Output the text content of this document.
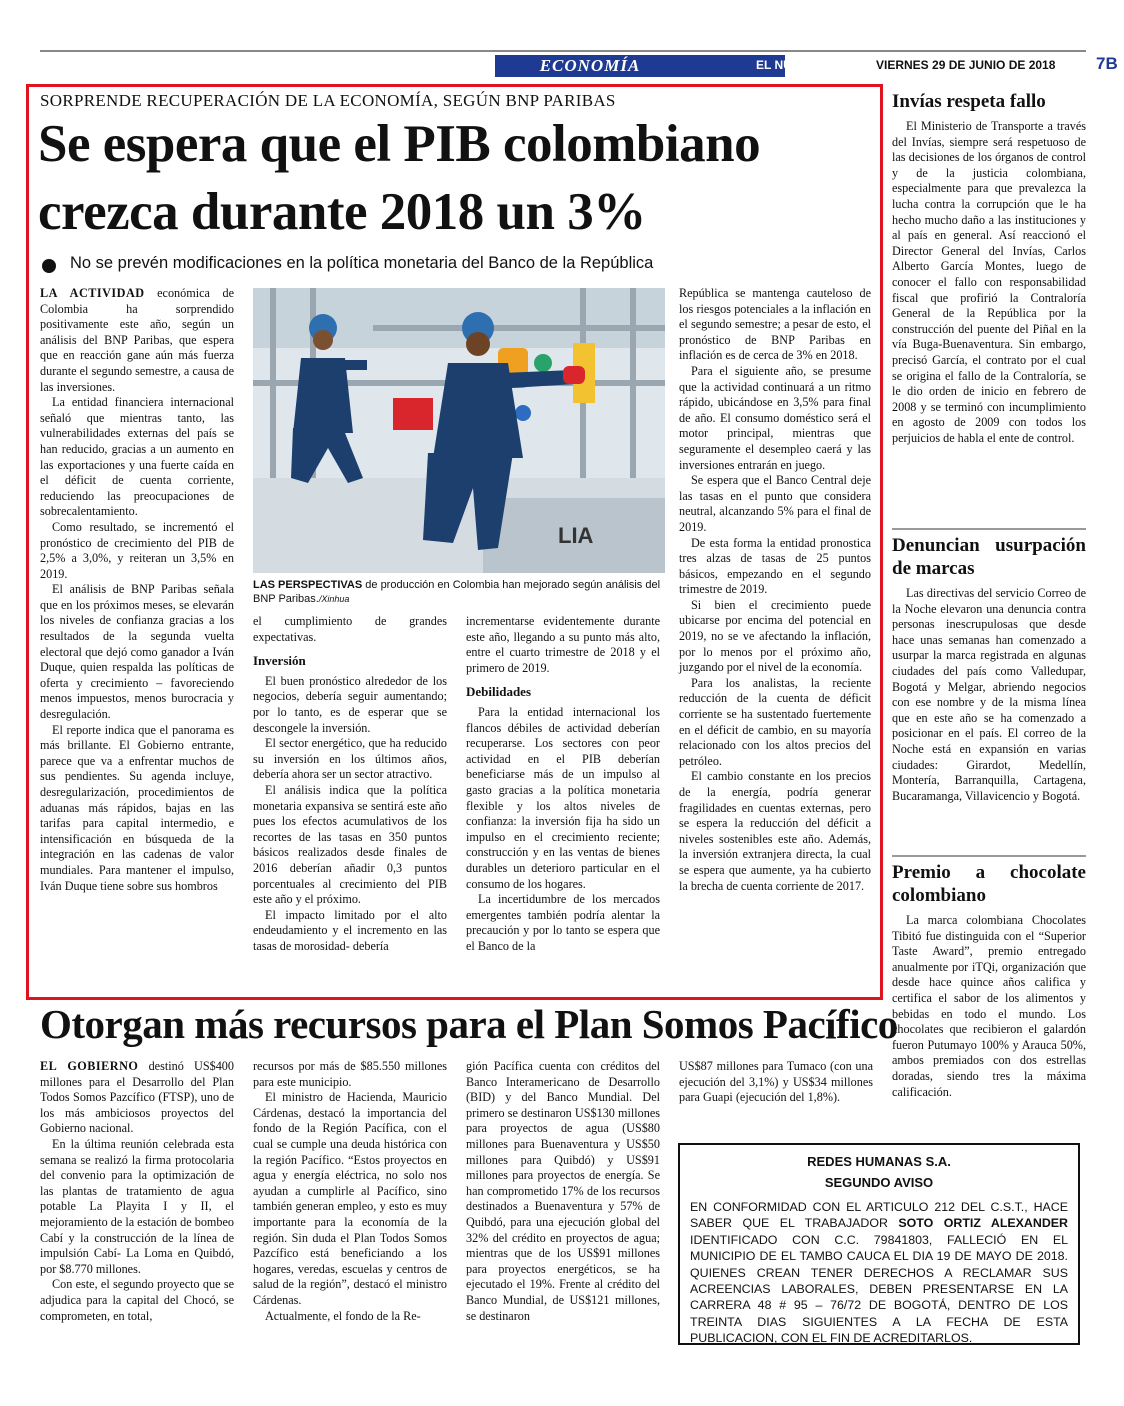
ECONOMÍA	EL NUEVO SIGLO VIERNES 29 DE JUNIO DE 2018 7B
SORPRENDE RECUPERACIÓN DE LA ECONOMÍA, SEGÚN BNP PARIBAS
Se espera que el PIB colombiano
crezca durante 2018 un 3%
No se prevén modificaciones en la política monetaria del Banco de la República

LA ACTIVIDAD económica de Colombia ha sorprendido positivamente este año, según un análisis del BNP Paribas, que espera que en reacción gane aún más fuerza durante el segundo semestre, a causa de las inversiones.

La entidad financiera internacional señaló que mientras tanto, las vulnerabilidades externas del país se han reducido, gracias a un aumento en las exportaciones y una fuerte caída en el déficit de cuenta corriente, reduciendo las preocupaciones de sobrecalentamiento.

Como resultado, se incrementó el pronóstico de crecimiento del PIB de 2,5% a 3,0%, y reiteran un 3,5% en 2019.

El análisis de BNP Paribas señala que en los próximos meses, se elevarán los niveles de confianza gracias a los resultados de la segunda vuelta electoral que dejó como ganador a Iván Duque, quien respalda las políticas de oferta y crecimiento – favoreciendo menos impuestos, menos burocracia y desregulación.

El reporte indica que el panorama es más brillante. El Gobierno entrante, parece que va a enfrentar muchos de sus pendientes. Su agenda incluye, desregularización, procedimientos de aduanas más rápidos, bajas en las tarifas para capital intermedio, e intensificación en búsqueda de la integración en las cadenas de valor mundiales. Para mantener el impulso, Iván Duque tiene sobre sus hombros

LIA
LAS PERSPECTIVAS de producción en Colombia han mejorado según análisis del BNP Paribas./Xinhua

el cumplimiento de grandes expectativas.

Inversión

El buen pronóstico alrededor de los negocios, debería seguir aumentando; por lo tanto, es de esperar que se descongele la inversión.

El sector energético, que ha reducido su inversión en los últimos años, debería ahora ser un sector atractivo.

El análisis indica que la política monetaria expansiva se sentirá este año pues los efectos acumulativos de los recortes de las tasas en 350 puntos básicos realizados desde finales de 2016 deberían añadir 0,3 puntos porcentuales al crecimiento del PIB este año y el próximo.

El impacto limitado por el alto endeudamiento y el incremento en las tasas de morosidad- debería

incrementarse evidentemente durante este año, llegando a su punto más alto, entre el cuarto trimestre de 2018 y el primero de 2019.

Debilidades

Para la entidad internacional los flancos débiles de actividad deberían recuperarse. Los sectores con peor actividad en el PIB deberían beneficiarse más de un impulso al gasto gracias a la política monetaria flexible y los altos niveles de confianza: la inversión fija ha sido un impulso en el crecimiento reciente; construcción y en las ventas de bienes durables un deterioro particular en el consumo de los hogares.

La incertidumbre de los mercados emergentes también podría alentar la precaución y por lo tanto se espera que el Banco de la

República se mantenga cauteloso de los riesgos potenciales a la inflación en el segundo semestre; a pesar de esto, el pronóstico de BNP Paribas en inflación es de cerca de 3% en 2018.

Para el siguiente año, se presume que la actividad continuará a un ritmo rápido, ubicándose en 3,5% para final de año. El consumo doméstico será el motor principal, mientras que seguramente el desempleo caerá y las inversiones entrarán en juego.

Se espera que el Banco Central deje las tasas en el punto que considera neutral, alcanzando 5% para el final de 2019.

De esta forma la entidad pronostica tres alzas de tasas de 25 puntos básicos, empezando en el segundo trimestre de 2019.

Si bien el crecimiento puede ubicarse por encima del potencial en 2019, no se ve afectando la inflación, por lo menos por el próximo año, juzgando por el nivel de la economía.

Para los analistas, la reciente reducción de la cuenta de déficit corriente se ha sustentado fuertemente en el déficit de cambio, en su mayoría relacionado con los altos precios del petróleo.

El cambio constante en los precios de la energía, podría generar fragilidades en cuentas externas, pero se espera la reducción del déficit a niveles sostenibles este año. Además, la inversión extranjera directa, la cual se espera que aumente, ya ha cubierto la brecha de cuenta corriente de 2017.

Invías respeta fallo

El Ministerio de Transporte a través del Invías, siempre será respetuoso de las decisiones de los órganos de control y de la justicia colombiana, especialmente para que prevalezca la lucha contra la corrupción que le ha hecho mucho daño a las instituciones y al país en general. Así reaccionó el Director General del Invías, Carlos Alberto García Montes, luego de conocer el fallo con responsabilidad fiscal que profirió la Contraloría General de la República por la construcción del puente del Piñal en la vía Buga-Buenaventura. Sin embargo, precisó García, el contrato por el cual se origina el fallo de la Contraloría, se le dio orden de inicio en febrero de 2008 y se terminó con incumplimiento en agosto de 2009 con todos los perjuicios de habla el ente de control.

Denuncian usurpación de marcas

Las directivas del servicio Correo de la Noche elevaron una denuncia contra personas inescrupulosas que desde hace unas semanas han comenzado a usurpar la marca registrada en algunas ciudades del país como Valledupar, Bogotá y Melgar, abriendo negocios con ese nombre y de la misma línea que en este año se ha comenzado a posicionar en el país. El correo de la Noche está en expansión en varias ciudades: Girardot, Medellín, Montería, Barranquilla, Cartagena, Bucaramanga, Villavicencio y Bogotá.

Premio a chocolate colombiano

La marca colombiana Chocolates Tibitó fue distinguida con el “Superior Taste Award”, premio entregado anualmente por iTQi, organización que desde hace quince años califica y certifica el sabor de los alimentos y bebidas en todo el mundo. Los chocolates que recibieron el galardón fueron Putumayo 100% y Arauca 50%, ambos premiados con dos estrellas doradas, siendo tres la máxima calificación.

Otorgan más recursos para el Plan Somos Pacífico

EL GOBIERNO destinó US$400 millones para el Desarrollo del Plan Todos Somos Pazcífico (FTSP), uno de los más ambiciosos proyectos del Gobierno nacional.

En la última reunión celebrada esta semana se realizó la firma protocolaria del convenio para la optimización de las plantas de tratamiento de agua potable La Playita I y II, el mejoramiento de la estación de bombeo Cabí y la construcción de la línea de impulsión Cabí- La Loma en Quibdó, por $8.770 millones.

Con este, el segundo proyecto que se adjudica para la capital del Chocó, se comprometen, en total,

recursos por más de $85.550 millones para este municipio.

El ministro de Hacienda, Mauricio Cárdenas, destacó la importancia del fondo de la Región Pacífica, con el cual se cumple una deuda histórica con la región Pacífico. “Estos proyectos en agua y energía eléctrica, no solo nos ayudan a cumplirle al Pacífico, sino también generan empleo, y esto es muy importante para la economía de la región. Sin duda el Plan Todos Somos Pazcífico está beneficiando a los hogares, veredas, escuelas y centros de salud de la región”, destacó el ministro Cárdenas.

Actualmente, el fondo de la Re-

gión Pacífica cuenta con créditos del Banco Interamericano de Desarrollo (BID) y del Banco Mundial. Del primero se destinaron US$130 millones para proyectos de agua (US$80 millones para Buenaventura y US$50 millones para Quibdó) y US$91 millones para proyectos de energía. Se han comprometido 17% de los recursos destinados a Buenaventura y 57% de Quibdó, para una ejecución global del 32% del crédito en proyectos de agua; mientras que de los US$91 millones para proyectos energéticos, se ha ejecutado el 19%. Frente al crédito del Banco Mundial, de US$121 millones, se destinaron

US$87 millones para Tumaco (con una ejecución del 3,1%) y US$34 millones para Guapi (ejecución del 1,8%).

REDES HUMANAS S.A.
SEGUNDO AVISO
EN CONFORMIDAD CON EL ARTICULO 212 DEL C.S.T., HACE SABER QUE EL TRABAJADOR SOTO ORTIZ ALEXANDER IDENTIFICADO CON C.C. 79841803, FALLECIÓ EN EL MUNICIPIO DE EL TAMBO CAUCA EL DIA 19 DE MAYO DE 2018. QUIENES CREAN TENER DERECHOS A RECLAMAR SUS ACREENCIAS LABORALES, DEBEN PRESENTARSE EN LA CARRERA 48 # 95 – 76/72 DE BOGOTÁ, DENTRO DE LOS TREINTA DIAS SIGUIENTES A LA FECHA DE ESTA PUBLICACION, CON EL FIN DE ACREDITARLOS.
